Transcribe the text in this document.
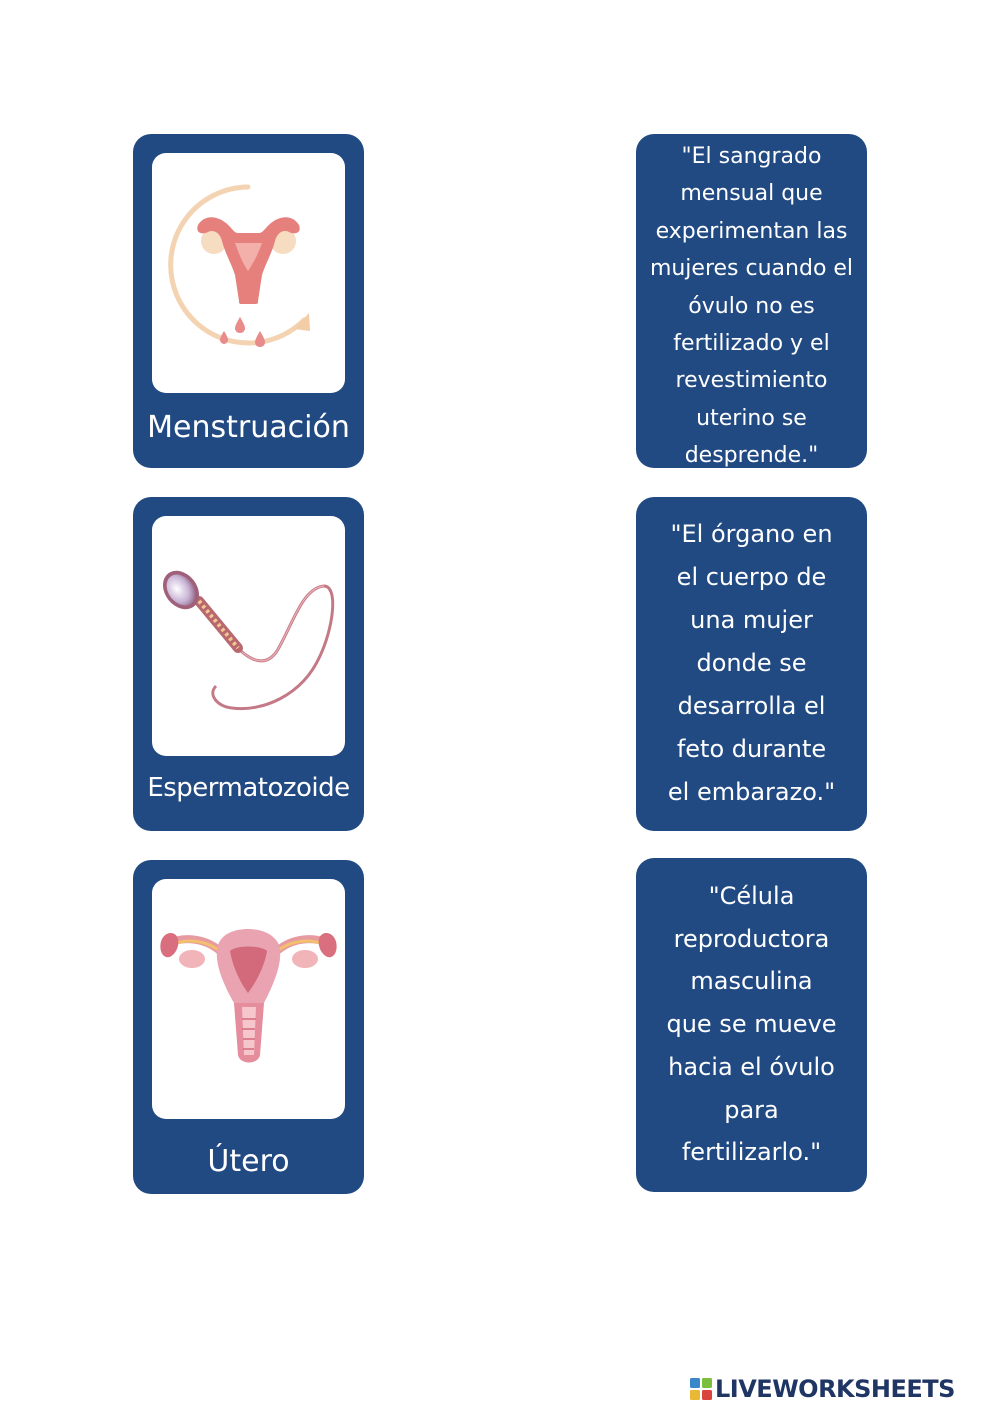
Menstruación
Espermatozoide
Útero
"El sangrado
mensual que
experimentan las
mujeres cuando el
óvulo no es
fertilizado y el
revestimiento
uterino se
desprende."
"El órgano en
el cuerpo de
una mujer
donde se
desarrolla el
feto durante
el embarazo."
"Célula
reproductora
masculina
que se mueve
hacia el óvulo
para
fertilizarlo."
LIVEWORKSHEETS
